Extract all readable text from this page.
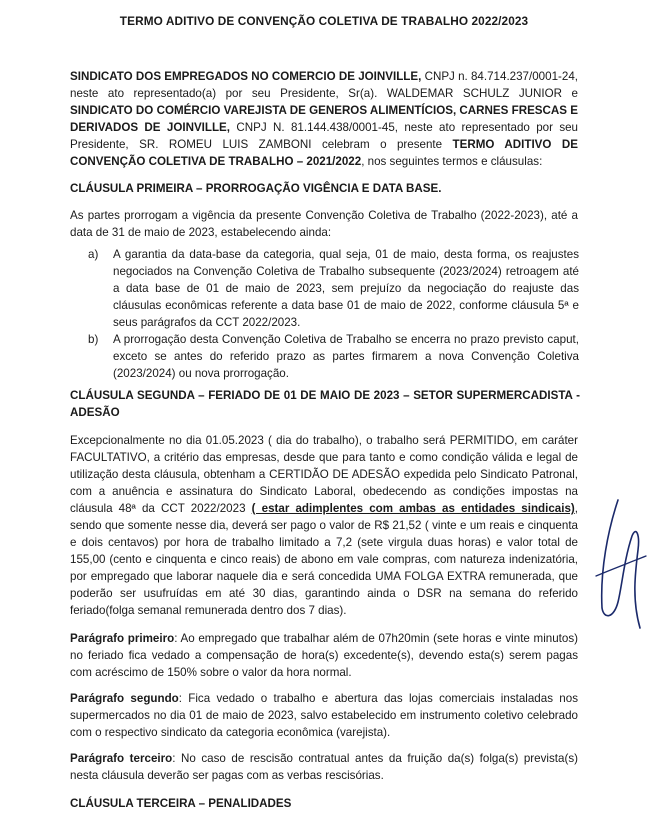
TERMO ADITIVO DE CONVENÇÃO COLETIVA DE TRABALHO 2022/2023
SINDICATO DOS EMPREGADOS NO COMERCIO DE JOINVILLE, CNPJ n. 84.714.237/0001-24, neste ato representado(a) por seu Presidente, Sr(a). WALDEMAR SCHULZ JUNIOR e SINDICATO DO COMÉRCIO VAREJISTA DE GENEROS ALIMENTÍCIOS, CARNES FRESCAS E DERIVADOS DE JOINVILLE, CNPJ N. 81.144.438/0001-45, neste ato representado por seu Presidente, SR. ROMEU LUIS ZAMBONI celebram o presente TERMO ADITIVO DE CONVENÇÃO COLETIVA DE TRABALHO – 2021/2022, nos seguintes termos e cláusulas:
CLÁUSULA PRIMEIRA – PRORROGAÇÃO VIGÊNCIA E DATA BASE.
As partes prorrogam a vigência da presente Convenção Coletiva de Trabalho (2022-2023), até a data de 31 de maio de 2023, estabelecendo ainda:
a) A garantia da data-base da categoria, qual seja, 01 de maio, desta forma, os reajustes negociados na Convenção Coletiva de Trabalho subsequente (2023/2024) retroagem até a data base de 01 de maio de 2023, sem prejuízo da negociação do reajuste das cláusulas econômicas referente a data base 01 de maio de 2022, conforme cláusula 5ª e seus parágrafos da CCT 2022/2023.
b) A prorrogação desta Convenção Coletiva de Trabalho se encerra no prazo previsto caput, exceto se antes do referido prazo as partes firmarem a nova Convenção Coletiva (2023/2024) ou nova prorrogação.
CLÁUSULA SEGUNDA – FERIADO DE 01 DE MAIO DE 2023 – SETOR SUPERMERCADISTA - ADESÃO
Excepcionalmente no dia 01.05.2023 ( dia do trabalho), o trabalho será PERMITIDO, em caráter FACULTATIVO, a critério das empresas, desde que para tanto e como condição válida e legal de utilização desta cláusula, obtenham a CERTIDÃO DE ADESÃO expedida pelo Sindicato Patronal, com a anuência e assinatura do Sindicato Laboral, obedecendo as condições impostas na cláusula 48ª da CCT 2022/2023 ( estar adimplentes com ambas as entidades sindicais), sendo que somente nesse dia, deverá ser pago o valor de R$ 21,52 ( vinte e um reais e cinquenta e dois centavos) por hora de trabalho limitado a 7,2 (sete virgula duas horas) e valor total de 155,00 (cento e cinquenta e cinco reais) de abono em vale compras, com natureza indenizatória, por empregado que laborar naquele dia e será concedida UMA FOLGA EXTRA remunerada, que poderão ser usufruídas em até 30 dias, garantindo ainda o DSR na semana do referido feriado(folga semanal remunerada dentro dos 7 dias).
Parágrafo primeiro: Ao empregado que trabalhar além de 07h20min (sete horas e vinte minutos) no feriado fica vedado a compensação de hora(s) excedente(s), devendo esta(s) serem pagas com acréscimo de 150% sobre o valor da hora normal.
Parágrafo segundo: Fica vedado o trabalho e abertura das lojas comerciais instaladas nos supermercados no dia 01 de maio de 2023, salvo estabelecido em instrumento coletivo celebrado com o respectivo sindicato da categoria econômica (varejista).
Parágrafo terceiro: No caso de rescisão contratual antes da fruição da(s) folga(s) prevista(s) nesta cláusula deverão ser pagas com as verbas rescisórias.
CLÁUSULA TERCEIRA – PENALIDADES
